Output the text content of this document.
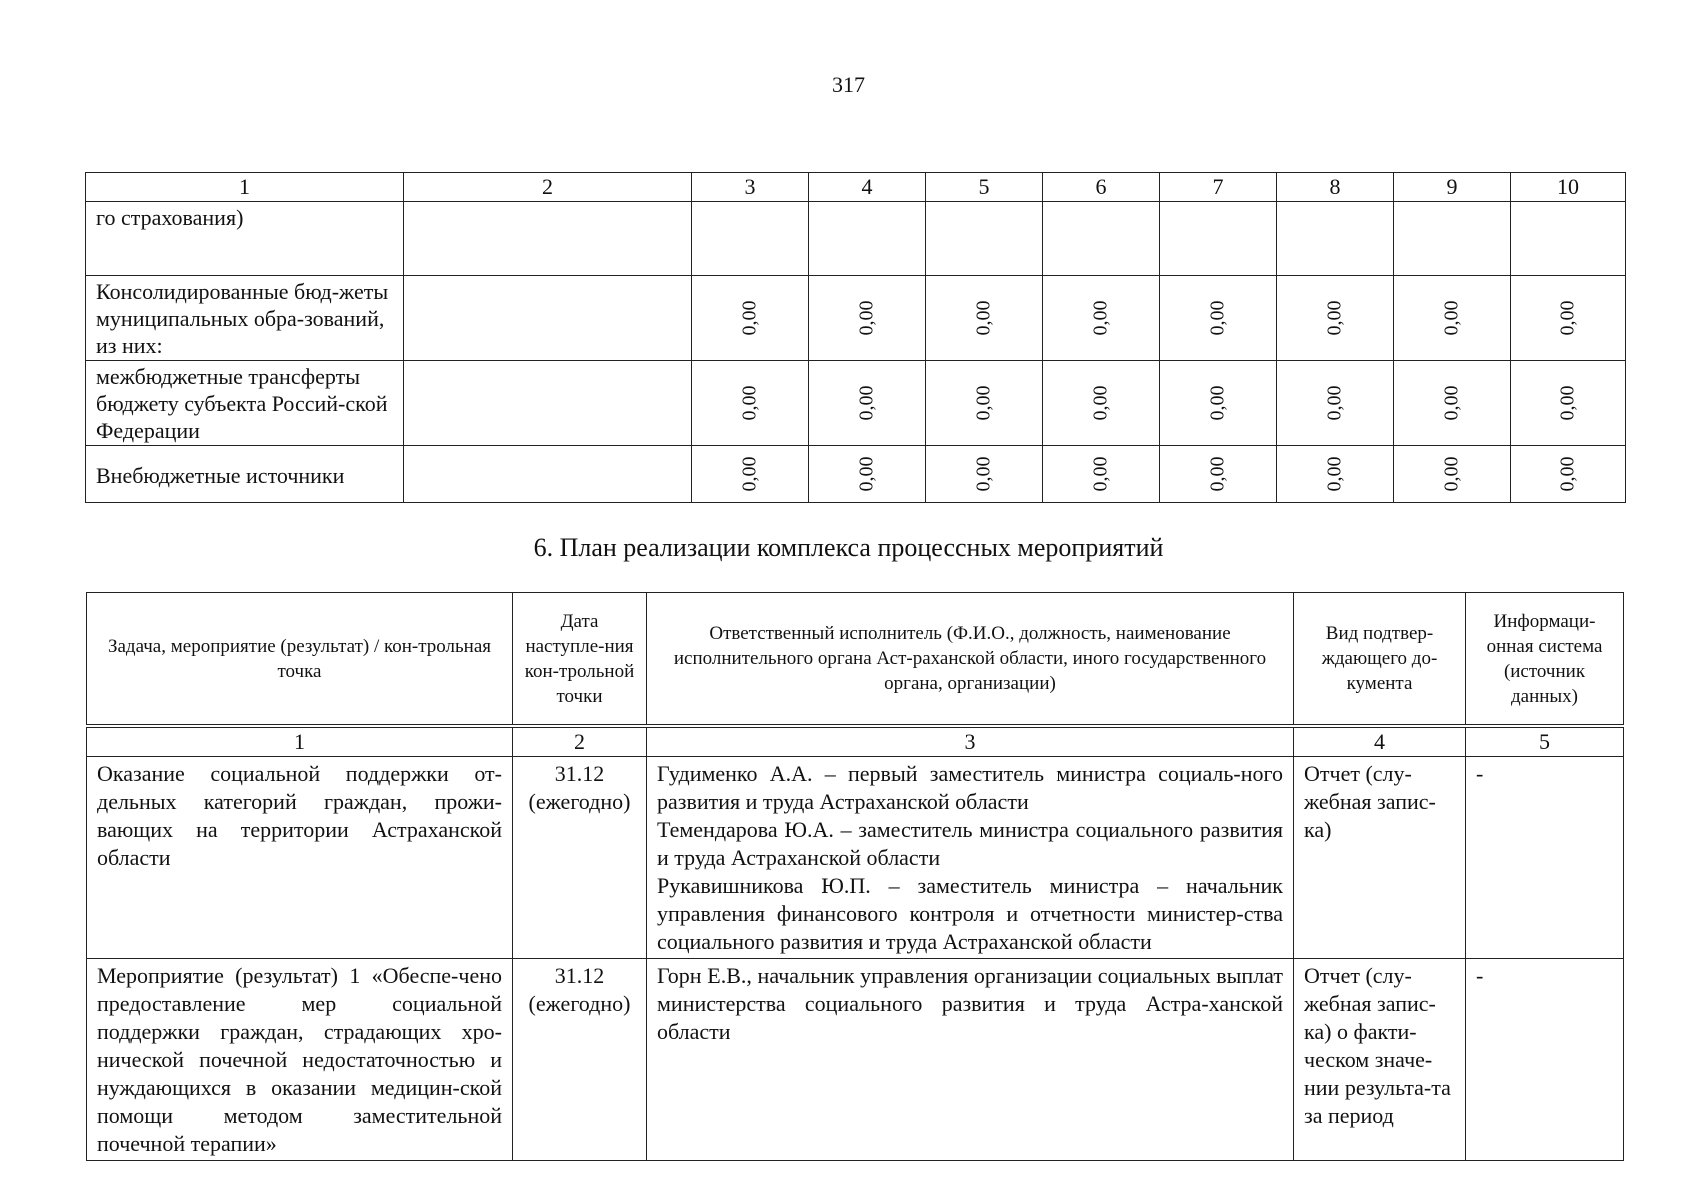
317
1	2	3	4	5	6	7	8	9	10
го страхования)		

Консолидированные бюд-жеты муниципальных обра-зований, из них:		0,00	0,00	0,00	0,00	0,00	0,00	0,00	0,00

межбюджетные трансферты бюджету субъекта Россий-ской Федерации		0,00	0,00	0,00	0,00	0,00	0,00	0,00	0,00

Внебюджетные источники		0,00	0,00	0,00	0,00	0,00	0,00	0,00	0,00
6. План реализации комплекса процессных мероприятий
Задача, мероприятие (результат) / кон-трольная точка	Дата наступле-ния кон-трольной точки	Ответственный исполнитель (Ф.И.О., должность, наименование исполнительного органа Аст-раханской области, иного государственного органа, организации)	Вид подтвер-ждающего до-кумента	Информаци-онная система (источник данных)
1	2	3	4	5
Оказание социальной поддержки от-дельных категорий граждан, прожи-вающих на территории Астраханской области	31.12 (ежегодно)	Гудименко А.А. – первый заместитель министра социаль-ного развития и труда Астраханской области
Темендарова Ю.А. – заместитель министра социального развития и труда Астраханской области
Рукавишникова Ю.П. – заместитель министра – начальник управления финансового контроля и отчетности министер-ства социального развития и труда Астраханской области	Отчет (слу-жебная запис-ка)	-
Мероприятие (результат) 1 «Обеспе-чено предоставление мер социальной поддержки граждан, страдающих хро-нической почечной недостаточностью и нуждающихся в оказании медицин-ской помощи методом заместительной почечной терапии»	31.12 (ежегодно)	Горн Е.В., начальник управления организации социальных выплат министерства социального развития и труда Астра-ханской области	Отчет (слу-жебная запис-ка) о факти-ческом значе-нии результа-та за период	-
